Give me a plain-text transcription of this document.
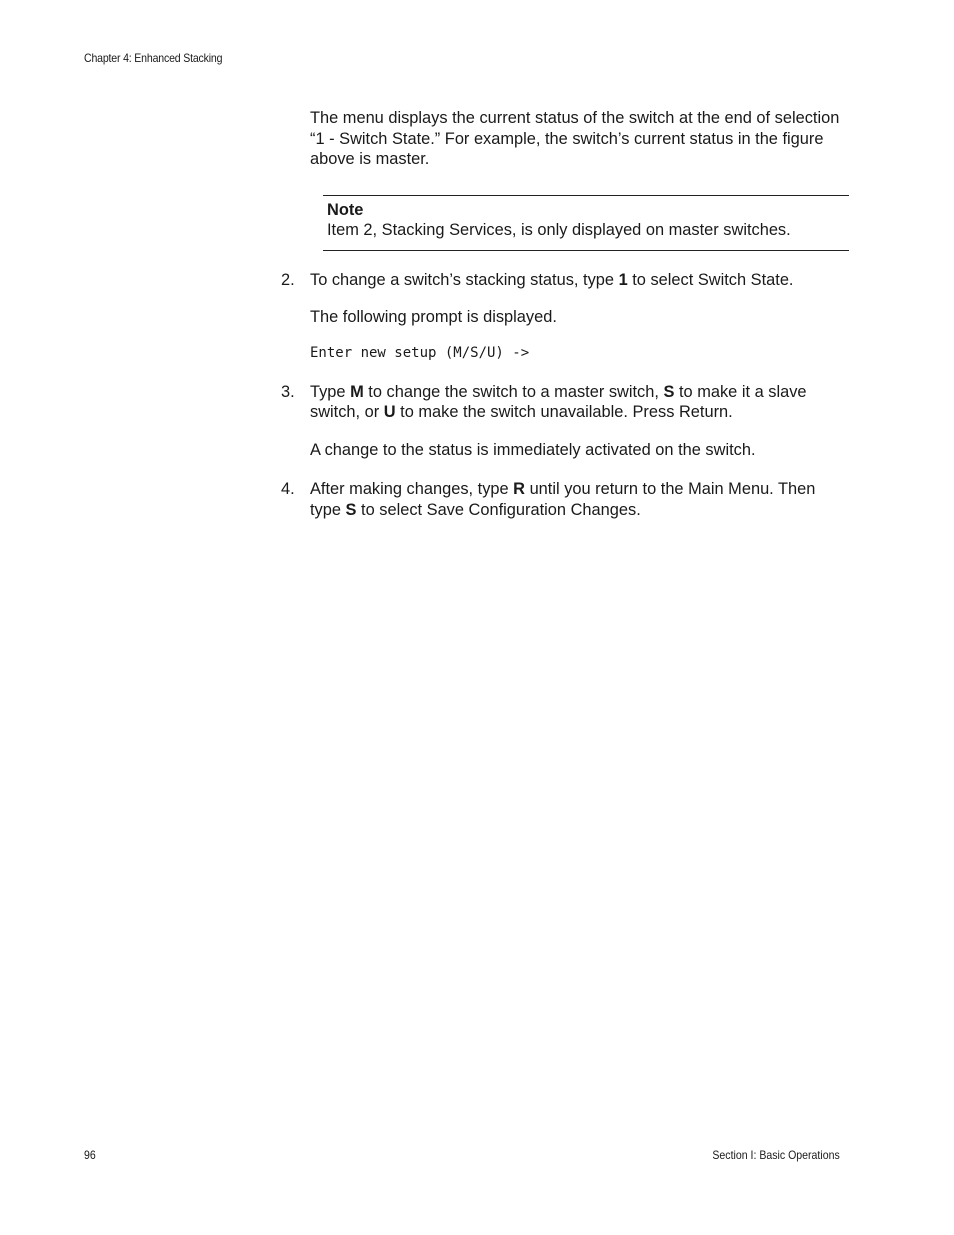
Chapter 4: Enhanced Stacking

The menu displays the current status of the switch at the end of selection “1 - Switch State.” For example, the switch’s current status in the figure above is master.

Note
Item 2, Stacking Services, is only displayed on master switches.
2. To change a switch’s stacking status, type 1 to select Switch State.
The following prompt is displayed.
Enter new setup (M/S/U) ->
3. Type M to change the switch to a master switch, S to make it a slave switch, or U to make the switch unavailable. Press Return.
A change to the status is immediately activated on the switch.
4. After making changes, type R until you return to the Main Menu. Then type S to select Save Configuration Changes.
96	Section I: Basic Operations
